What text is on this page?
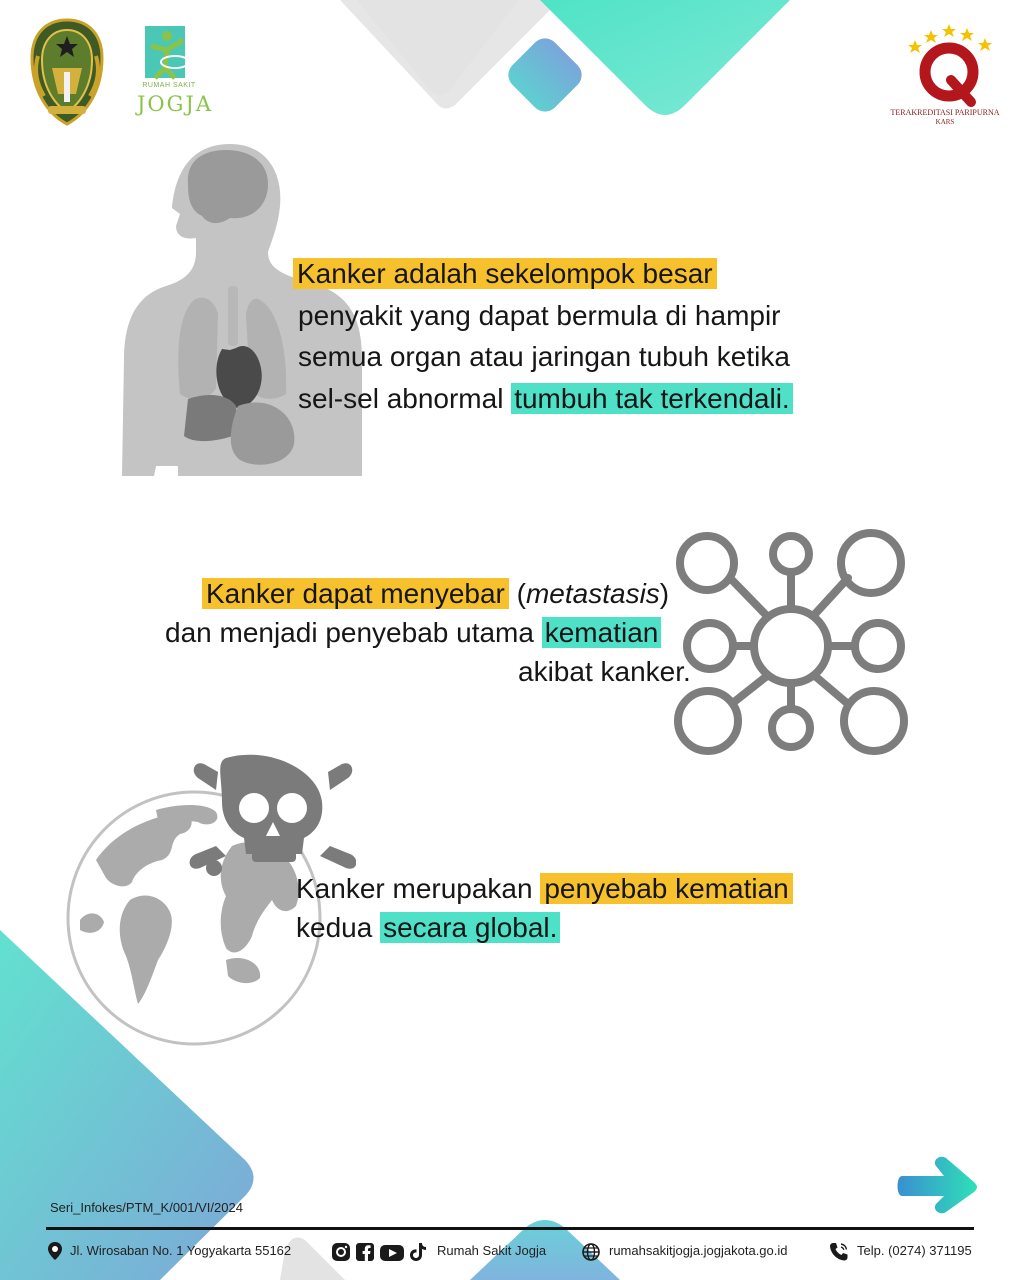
RUMAH SAKIT
JOGJA	TERAKREDITASI PARIPURNA
KARS
Kanker adalah sekelompok besar
penyakit yang dapat bermula di hampir
semua organ atau jaringan tubuh ketika
sel-sel abnormal tumbuh tak terkendali.
Kanker dapat menyebar (metastasis)
dan menjadi penyebab utama kematian
akibat kanker.
Kanker merupakan penyebab kematian
kedua secara global.
Seri_Infokes/PTM_K/001/VI/2024
Jl. Wirosaban No. 1 Yogyakarta 55162	Rumah Sakit Jogja	rumahsakitjogja.jogjakota.go.id	Telp. (0274) 371195
